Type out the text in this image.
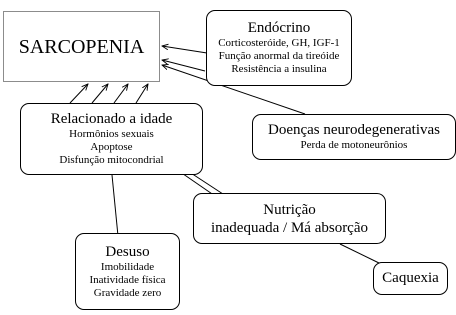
SARCOPENIA
Endócrino
Corticosteróide, GH, IGF-1
Função anormal da tireóide
Resistência a insulina
Relacionado a idade
Hormônios sexuais
Apoptose
Disfunção mitocondrial
Doenças neurodegenerativas
Perda de motoneurônios
Nutrição
inadequada / Má absorção
Desuso
Imobilidade
Inatividade física
Gravidade zero
Caquexia
